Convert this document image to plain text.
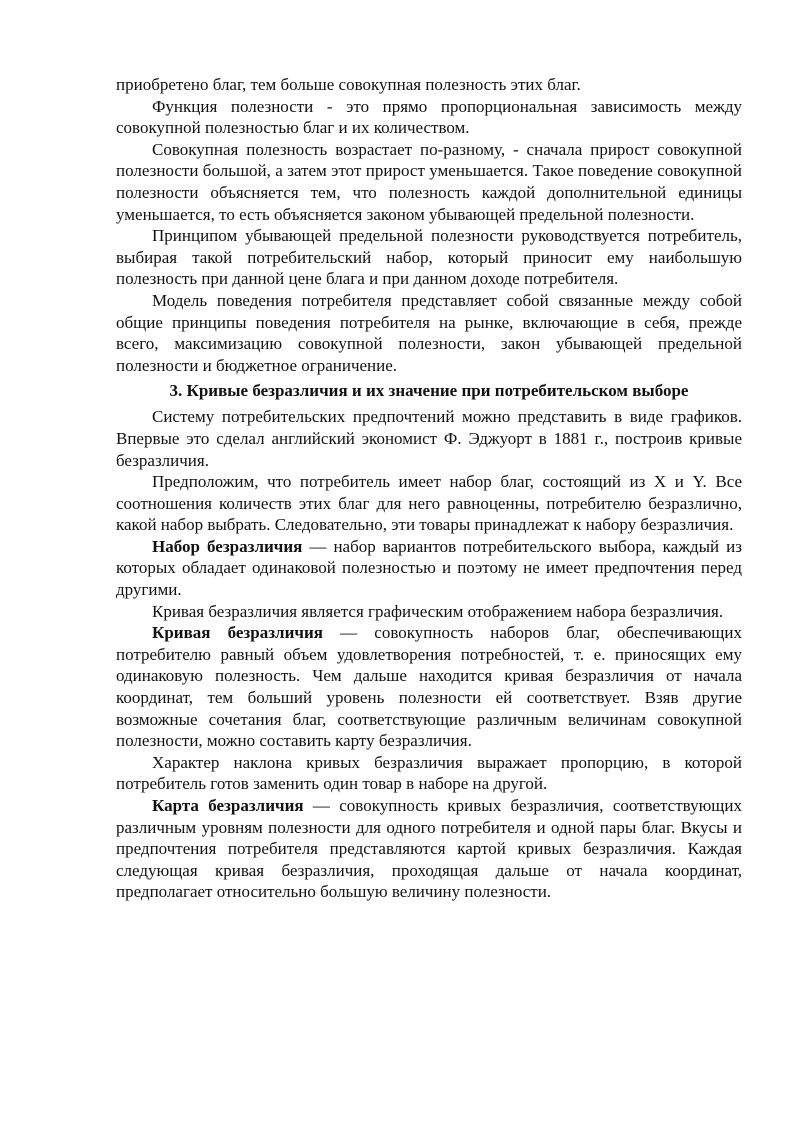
приобретено благ, тем больше совокупная полезность этих благ.

Функция полезности - это прямо пропорциональная зависимость между совокупной полезностью благ и их количеством.

Совокупная полезность возрастает по-разному, - сначала прирост совокупной полезности большой, а затем этот прирост уменьшается. Такое поведение совокупной полезности объясняется тем, что полезность каждой дополнительной единицы уменьшается, то есть объясняется законом убывающей предельной полезности.

Принципом убывающей предельной полезности руководствуется потребитель, выбирая такой потребительский набор, который приносит ему наибольшую полезность при данной цене блага и при данном доходе потребителя.

Модель поведения потребителя представляет собой связанные между собой общие принципы поведения потребителя на рынке, включающие в себя, прежде всего, максимизацию совокупной полезности, закон убывающей предельной полезности и бюджетное ограничение.

3. Кривые безразличия и их значение при потребительском выборе

Систему потребительских предпочтений можно представить в виде графиков. Впервые это сделал английский экономист Ф. Эджуорт в 1881 г., построив кривые безразличия.

Предположим, что потребитель имеет набор благ, состоящий из X и Y. Все соотношения количеств этих благ для него равноценны, потребителю безразлично, какой набор выбрать. Следовательно, эти товары принадлежат к набору безразличия.

Набор безразличия — набор вариантов потребительского выбора, каждый из которых обладает одинаковой полезностью и поэтому не имеет предпочтения перед другими.

Кривая безразличия является графическим отображением набора безразличия.

Кривая безразличия — совокупность наборов благ, обеспечивающих потребителю равный объем удовлетворения потребностей, т. е. приносящих ему одинаковую полезность. Чем дальше находится кривая безразличия от начала координат, тем больший уровень полезности ей соответствует. Взяв другие возможные сочетания благ, соответствующие различным величинам совокупной полезности, можно составить карту безразличия.

Характер наклона кривых безразличия выражает пропорцию, в которой потребитель готов заменить один товар в наборе на другой.

Карта безразличия — совокупность кривых безразличия, соответствующих различным уровням полезности для одного потребителя и одной пары благ. Вкусы и предпочтения потребителя представляются картой кривых безразличия. Каждая следующая кривая безразличия, проходящая дальше от начала координат, предполагает относительно большую величину полезности.
